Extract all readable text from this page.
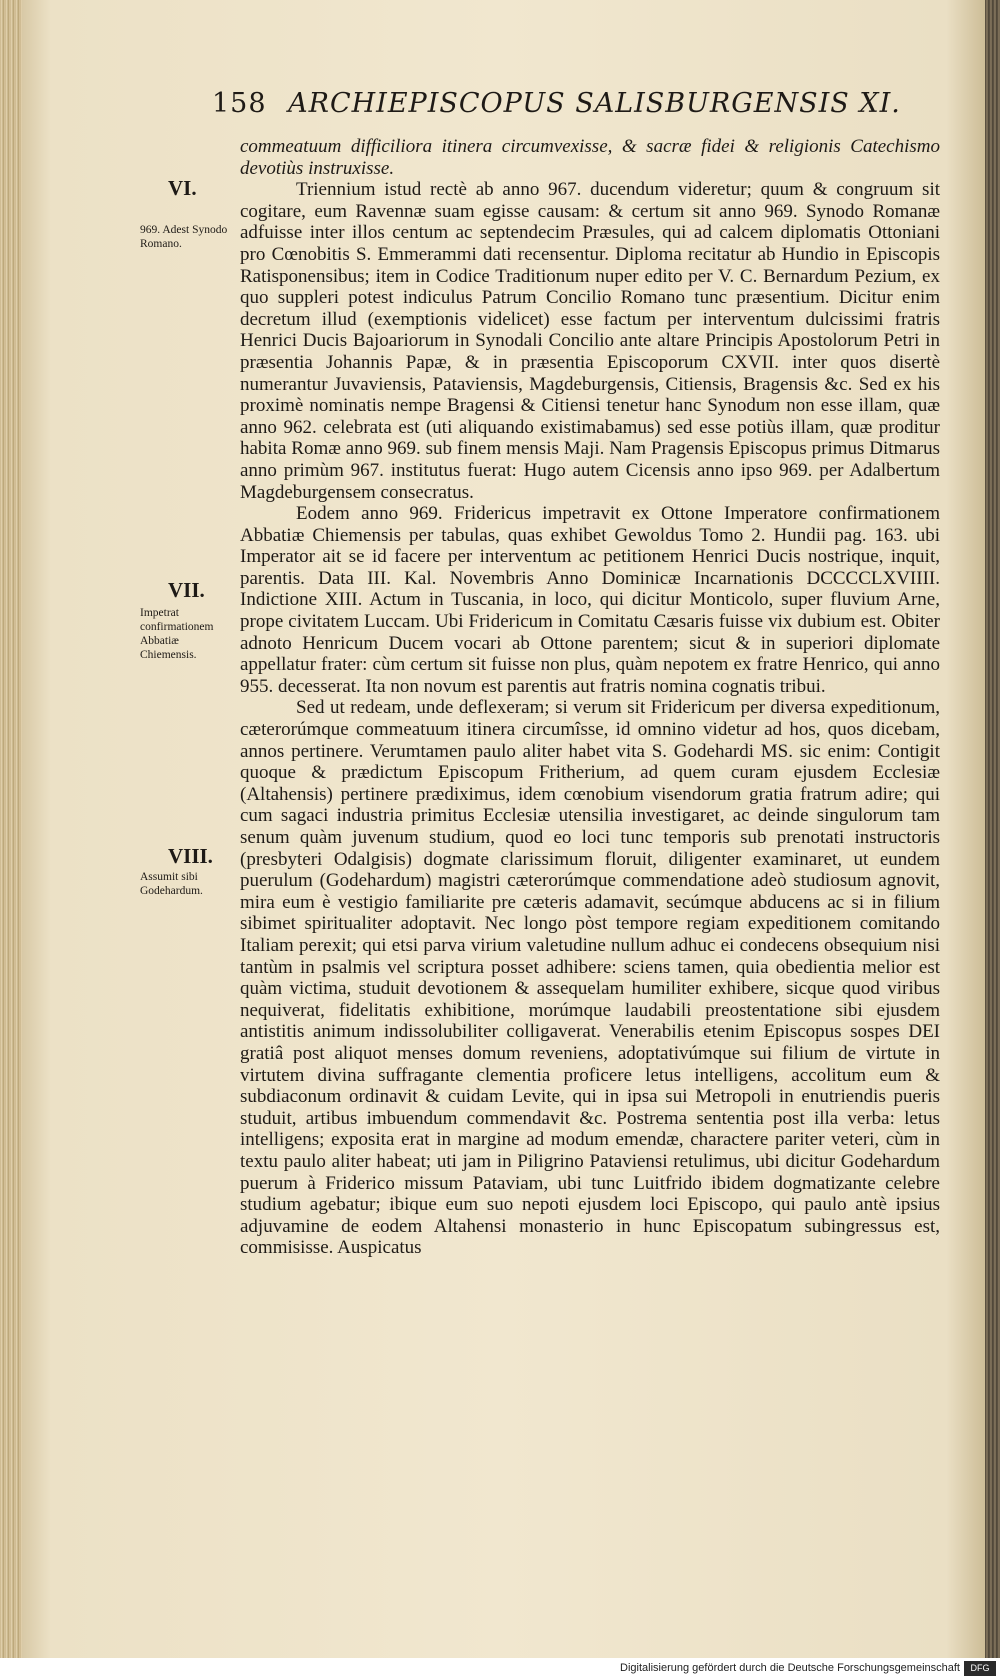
158 ARCHIEPISCOPUS SALISBURGENSIS XI.
VI.
969. Adest Synodo Romano.
VII.
Impetrat confirmationem Abbatiæ Chiemensis.
VIII.
Assumit sibi Godehardum.

commeatuum difficiliora itinera circumvexisse, & sacræ fidei & religionis Catechismo devotiùs instruxisse.

Triennium istud rectè ab anno 967. ducendum videretur; quum & congruum sit cogitare, eum Ravennæ suam egisse causam: & certum sit anno 969. Synodo Romanæ adfuisse inter illos centum ac septendecim Præsules, qui ad calcem diplomatis Ottoniani pro Cœnobitis S. Emmerammi dati recensentur. Diploma recitatur ab Hundio in Episcopis Ratisponensibus; item in Codice Traditionum nuper edito per V. C. Bernardum Pezium, ex quo suppleri potest indiculus Patrum Concilio Romano tunc præsentium. Dicitur enim decretum illud (exemptionis videlicet) esse factum per interventum dulcissimi fratris Henrici Ducis Bajoariorum in Synodali Concilio ante altare Principis Apostolorum Petri in præsentia Johannis Papæ, & in præsentia Episcoporum CXVII. inter quos disertè numerantur Juvaviensis, Pataviensis, Magdeburgensis, Citiensis, Bragensis &c. Sed ex his proximè nominatis nempe Bragensi & Citiensi tenetur hanc Synodum non esse illam, quæ anno 962. celebrata est (uti aliquando existimabamus) sed esse potiùs illam, quæ proditur habita Romæ anno 969. sub finem mensis Maji. Nam Pragensis Episcopus primus Ditmarus anno primùm 967. institutus fuerat: Hugo autem Cicensis anno ipso 969. per Adalbertum Magdeburgensem consecratus.

Eodem anno 969. Fridericus impetravit ex Ottone Imperatore confirmationem Abbatiæ Chiemensis per tabulas, quas exhibet Gewoldus Tomo 2. Hundii pag. 163. ubi Imperator ait se id facere per interventum ac petitionem Henrici Ducis nostrique, inquit, parentis. Data III. Kal. Novembris Anno Dominicæ Incarnationis DCCCCLXVIIII. Indictione XIII. Actum in Tuscania, in loco, qui dicitur Monticolo, super fluvium Arne, prope civitatem Luccam. Ubi Fridericum in Comitatu Cæsaris fuisse vix dubium est. Obiter adnoto Henricum Ducem vocari ab Ottone parentem; sicut & in superiori diplomate appellatur frater: cùm certum sit fuisse non plus, quàm nepotem ex fratre Henrico, qui anno 955. decesserat. Ita non novum est parentis aut fratris nomina cognatis tribui.

Sed ut redeam, unde deflexeram; si verum sit Fridericum per diversa expeditionum, cæterorúmque commeatuum itinera circumîsse, id omnino videtur ad hos, quos dicebam, annos pertinere. Verumtamen paulo aliter habet vita S. Godehardi MS. sic enim: Contigit quoque & prædictum Episcopum Fritherium, ad quem curam ejusdem Ecclesiæ (Altahensis) pertinere prædiximus, idem cœnobium visendorum gratia fratrum adire; qui cum sagaci industria primitus Ecclesiæ utensilia investigaret, ac deinde singulorum tam senum quàm juvenum studium, quod eo loci tunc temporis sub prenotati instructoris (presbyteri Odalgisis) dogmate clarissimum floruit, diligenter examinaret, ut eundem puerulum (Godehardum) magistri cæterorúmque commendatione adeò studiosum agnovit, mira eum è vestigio familiarite pre cæteris adamavit, secúmque abducens ac si in filium sibimet spiritualiter adoptavit. Nec longo pòst tempore regiam expeditionem comitando Italiam perexit; qui etsi parva virium valetudine nullum adhuc ei condecens obsequium nisi tantùm in psalmis vel scriptura posset adhibere: sciens tamen, quia obedientia melior est quàm victima, studuit devotionem & assequelam humiliter exhibere, sicque quod viribus nequiverat, fidelitatis exhibitione, morúmque laudabili preostentatione sibi ejusdem antistitis animum indissolubiliter colligaverat. Venerabilis etenim Episcopus sospes DEI gratiâ post aliquot menses domum reveniens, adoptativúmque sui filium de virtute in virtutem divina suffragante clementia proficere letus intelligens, accolitum eum & subdiaconum ordinavit & cuidam Levite, qui in ipsa sui Metropoli in enutriendis pueris studuit, artibus imbuendum commendavit &c. Postrema sententia post illa verba: letus intelligens; exposita erat in margine ad modum emendæ, charactere pariter veteri, cùm in textu paulo aliter habeat; uti jam in Piligrino Pataviensi retulimus, ubi dicitur Godehardum puerum à Friderico missum Pataviam, ubi tunc Luitfrido ibidem dogmatizante celebre studium agebatur; ibique eum suo nepoti ejusdem loci Episcopo, qui paulo antè ipsius adjuvamine de eodem Altahensi monasterio in hunc Episcopatum subingressus est, commisisse. Auspicatus

Digitalisierung gefördert durch die Deutsche Forschungsgemeinschaft	DFG
